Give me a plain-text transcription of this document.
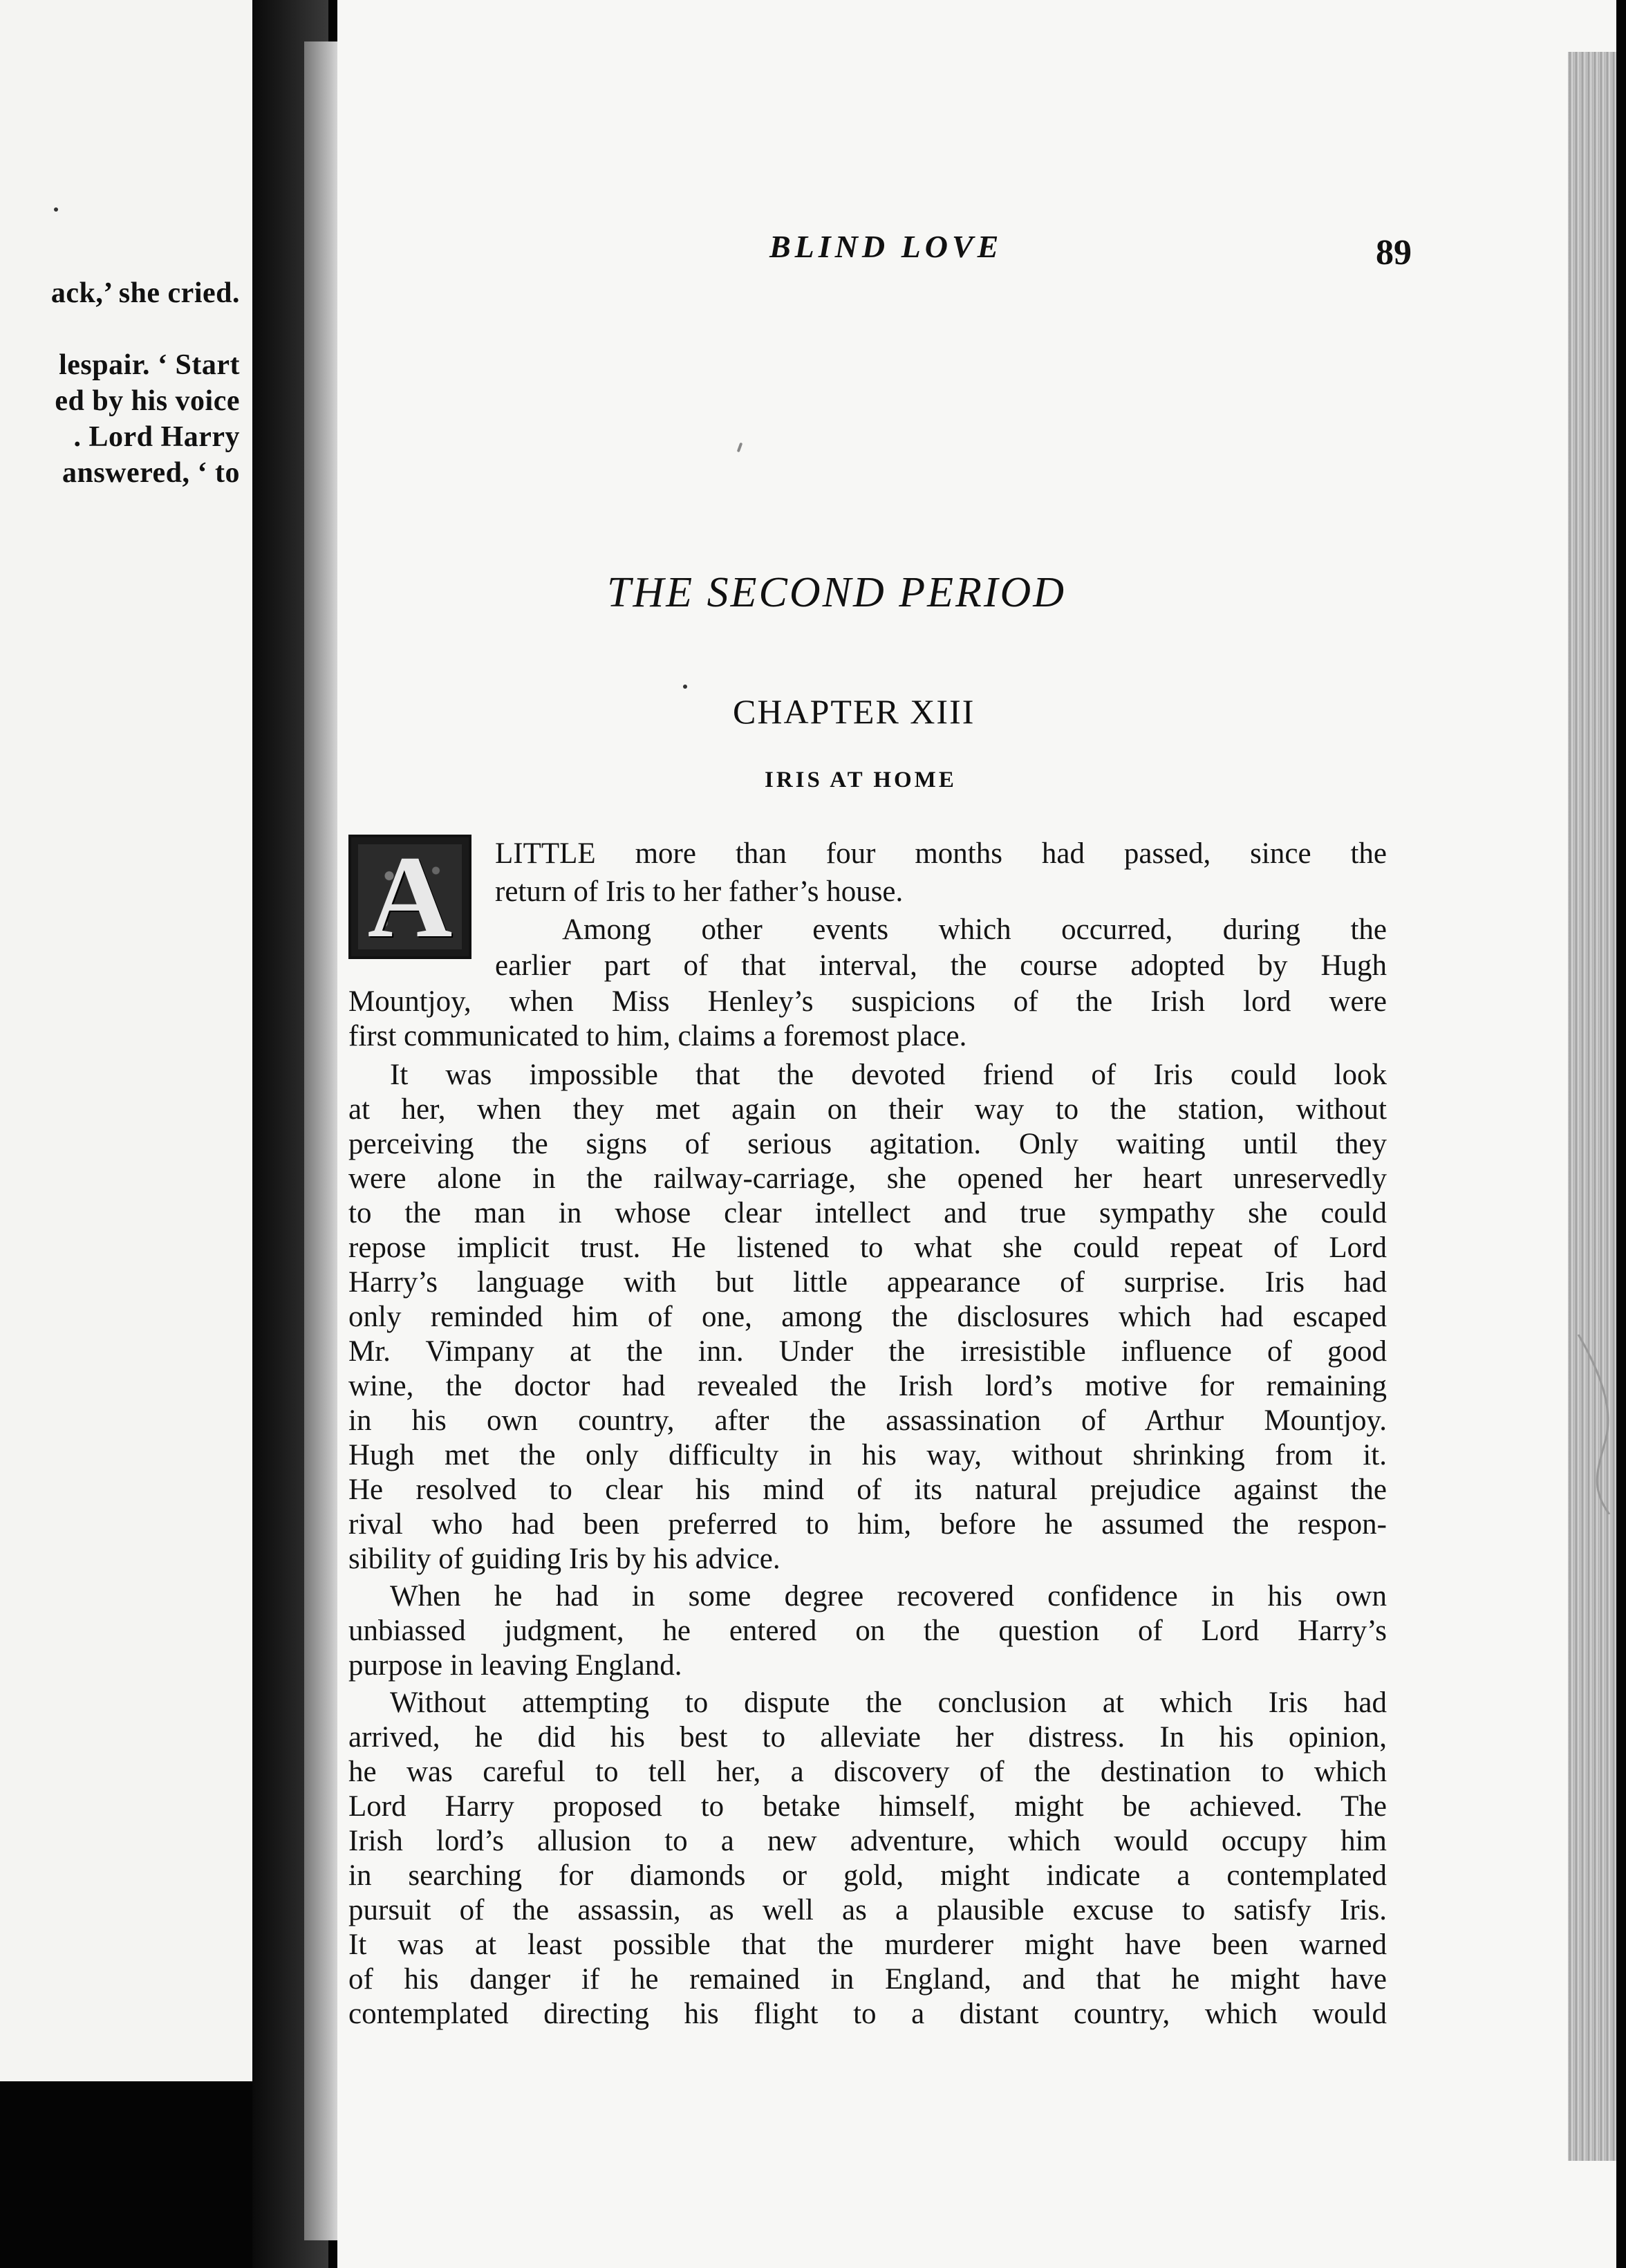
ack,’ she cried.
lespair. ‘ Start
ed by his voice
. Lord Harry
answered, ‘ to
BLIND LOVE	89
THE SECOND PERIOD
CHAPTER XIII
IRIS AT HOME
A LITTLE more than four months had passed, since the
return of Iris to her father’s house.
Among other events which occurred, during the
earlier part of that interval, the course adopted by Hugh
Mountjoy, when Miss Henley’s suspicions of the Irish lord were
first communicated to him, claims a foremost place.
It was impossible that the devoted friend of Iris could look
at her, when they met again on their way to the station, without
perceiving the signs of serious agitation. Only waiting until they
were alone in the railway-carriage, she opened her heart unreservedly
to the man in whose clear intellect and true sympathy she could
repose implicit trust. He listened to what she could repeat of Lord
Harry’s language with but little appearance of surprise. Iris had
only reminded him of one, among the disclosures which had escaped
Mr. Vimpany at the inn. Under the irresistible influence of good
wine, the doctor had revealed the Irish lord’s motive for remaining
in his own country, after the assassination of Arthur Mountjoy.
Hugh met the only difficulty in his way, without shrinking from it.
He resolved to clear his mind of its natural prejudice against the
rival who had been preferred to him, before he assumed the respon-
sibility of guiding Iris by his advice.
When he had in some degree recovered confidence in his own
unbiassed judgment, he entered on the question of Lord Harry’s
purpose in leaving England.
Without attempting to dispute the conclusion at which Iris had
arrived, he did his best to alleviate her distress. In his opinion,
he was careful to tell her, a discovery of the destination to which
Lord Harry proposed to betake himself, might be achieved. The
Irish lord’s allusion to a new adventure, which would occupy him
in searching for diamonds or gold, might indicate a contemplated
pursuit of the assassin, as well as a plausible excuse to satisfy Iris.
It was at least possible that the murderer might have been warned
of his danger if he remained in England, and that he might have
contemplated directing his flight to a distant country, which would
